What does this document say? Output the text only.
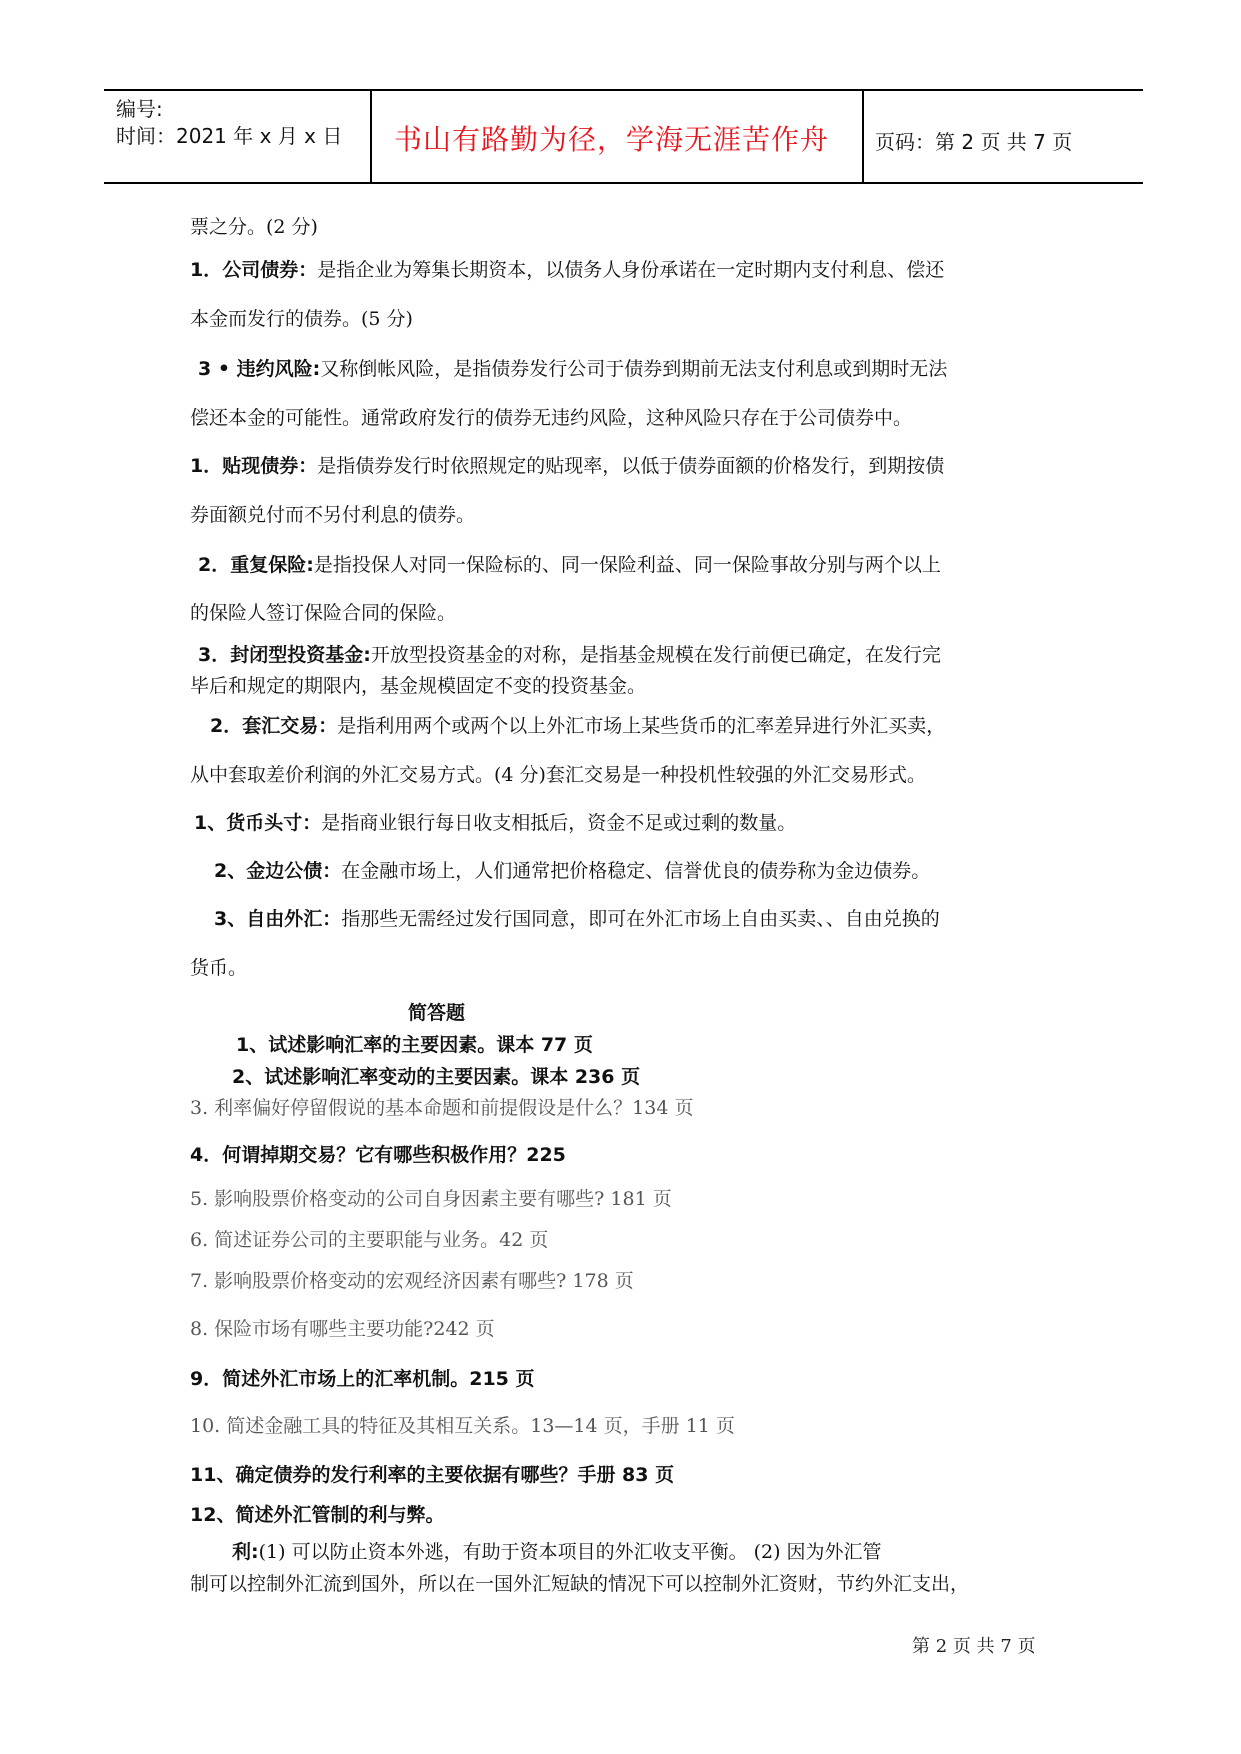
编号:
时间：2021 年 x 月 x 日 书山有路勤为径，学海无涯苦作舟 页码：第 2 页 共 7 页
票之分。(2 分)
1．公司债券：是指企业为筹集长期资本，以债务人身份承诺在一定时期内支付利息、偿还
本金而发行的债券。(5 分)
3 • 违约风险:又称倒帐风险，是指债券发行公司于债券到期前无法支付利息或到期时无法
偿还本金的可能性。通常政府发行的债券无违约风险，这种风险只存在于公司债券中。
1．贴现债券：是指债券发行时依照规定的贴现率，以低于债券面额的价格发行，到期按债
券面额兑付而不另付利息的债券。
2．重复保险:是指投保人对同一保险标的、同一保险利益、同一保险事故分别与两个以上
的保险人签订保险合同的保险。
3．封闭型投资基金:开放型投资基金的对称，是指基金规模在发行前便已确定，在发行完
毕后和规定的期限内，基金规模固定不变的投资基金。
2．套汇交易：是指利用两个或两个以上外汇市场上某些货币的汇率差异进行外汇买卖，
从中套取差价利润的外汇交易方式。(4 分)套汇交易是一种投机性较强的外汇交易形式。
1、货币头寸：是指商业银行每日收支相抵后，资金不足或过剩的数量。
2、金边公债：在金融市场上，人们通常把价格稳定、信誉优良的债券称为金边债券。
3、自由外汇：指那些无需经过发行国同意，即可在外汇市场上自由买卖、、自由兑换的
货币。
简答题
1、试述影响汇率的主要因素。课本 77 页
2、试述影响汇率变动的主要因素。课本 236 页
3. 利率偏好停留假说的基本命题和前提假设是什么？134 页
4．何谓掉期交易？它有哪些积极作用？225
5. 影响股票价格变动的公司自身因素主要有哪些? 181 页
6. 简述证券公司的主要职能与业务。42 页
7. 影响股票价格变动的宏观经济因素有哪些? 178 页
8. 保险市场有哪些主要功能?242 页
9．简述外汇市场上的汇率机制。215 页
10. 简述金融工具的特征及其相互关系。13—14 页，手册 11 页
11、确定债券的发行利率的主要依据有哪些？手册 83 页
12、简述外汇管制的利与弊。
利:(1) 可以防止资本外逃，有助于资本项目的外汇收支平衡。 (2) 因为外汇管
制可以控制外汇流到国外，所以在一国外汇短缺的情况下可以控制外汇资财，节约外汇支出，
第 2 页 共 7 页
